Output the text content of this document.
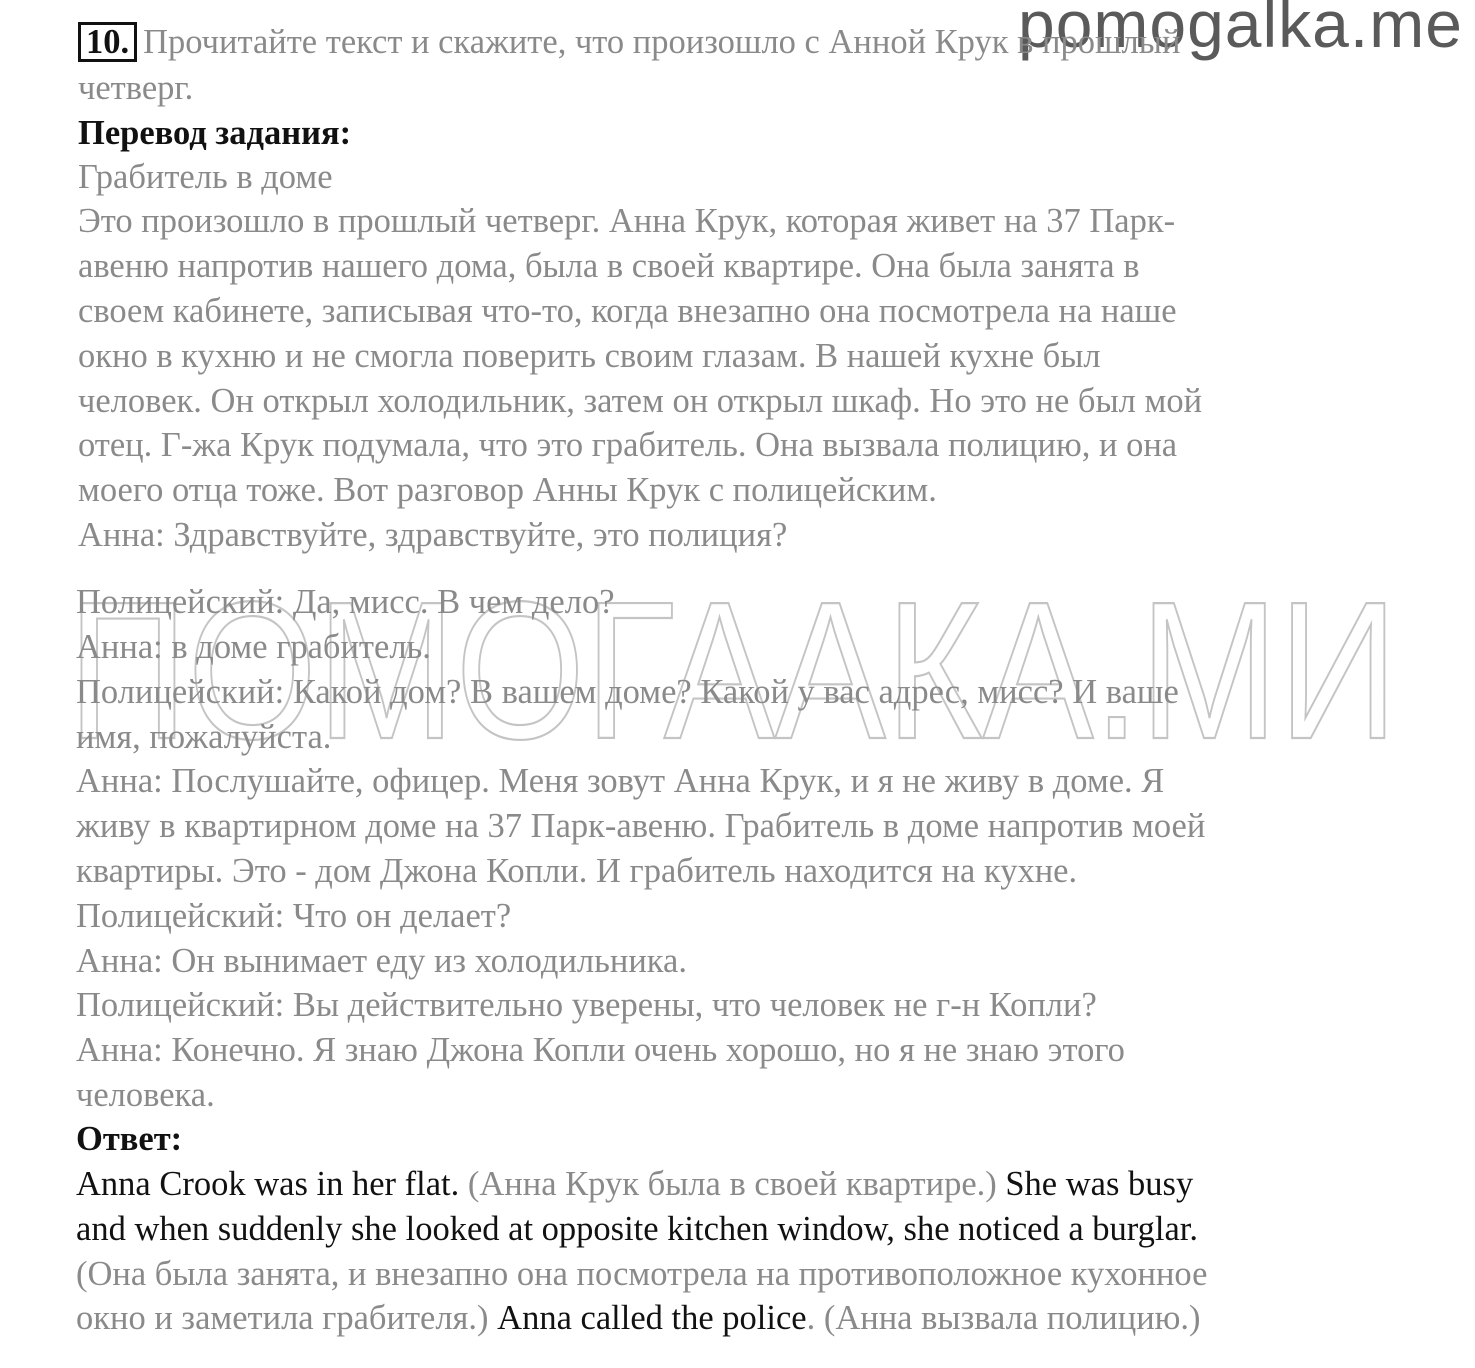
pomogalka.me
10. Прочитайте текст и скажите, что произошло с Анной Крук в прошлый
четверг.
Перевод задания:
Грабитель в доме
Это произошло в прошлый четверг. Анна Крук, которая живет на 37 Парк-
авеню напротив нашего дома, была в своей квартире. Она была занята в
своем кабинете, записывая что-то, когда внезапно она посмотрела на наше
окно в кухню и не смогла поверить своим глазам. В нашей кухне был
человек. Он открыл холодильник, затем он открыл шкаф. Но это не был мой
отец. Г-жа Крук подумала, что это грабитель. Она вызвала полицию, и она
моего отца тоже. Вот разговор Анны Крук с полицейским.
Анна: Здравствуйте, здравствуйте, это полиция?
ПОМОГААКА.МИ
Полицейский: Да, мисс. В чем дело?
Анна: в доме грабитель.
Полицейский: Какой дом? В вашем доме? Какой у вас адрес, мисс? И ваше
имя, пожалуйста.
Анна: Послушайте, офицер. Меня зовут Анна Крук, и я не живу в доме. Я
живу в квартирном доме на 37 Парк-авеню. Грабитель в доме напротив моей
квартиры. Это - дом Джона Копли. И грабитель находится на кухне.
Полицейский: Что он делает?
Анна: Он вынимает еду из холодильника.
Полицейский: Вы действительно уверены, что человек не г-н Копли?
Анна: Конечно. Я знаю Джона Копли очень хорошо, но я не знаю этого
человека.
Ответ:
Anna Crook was in her flat. (Анна Крук была в своей квартире.) She was busy
and when suddenly she looked at opposite kitchen window, she noticed a burglar.
(Она была занята, и внезапно она посмотрела на противоположное кухонное
окно и заметила грабителя.) Anna called the police. (Анна вызвала полицию.)
